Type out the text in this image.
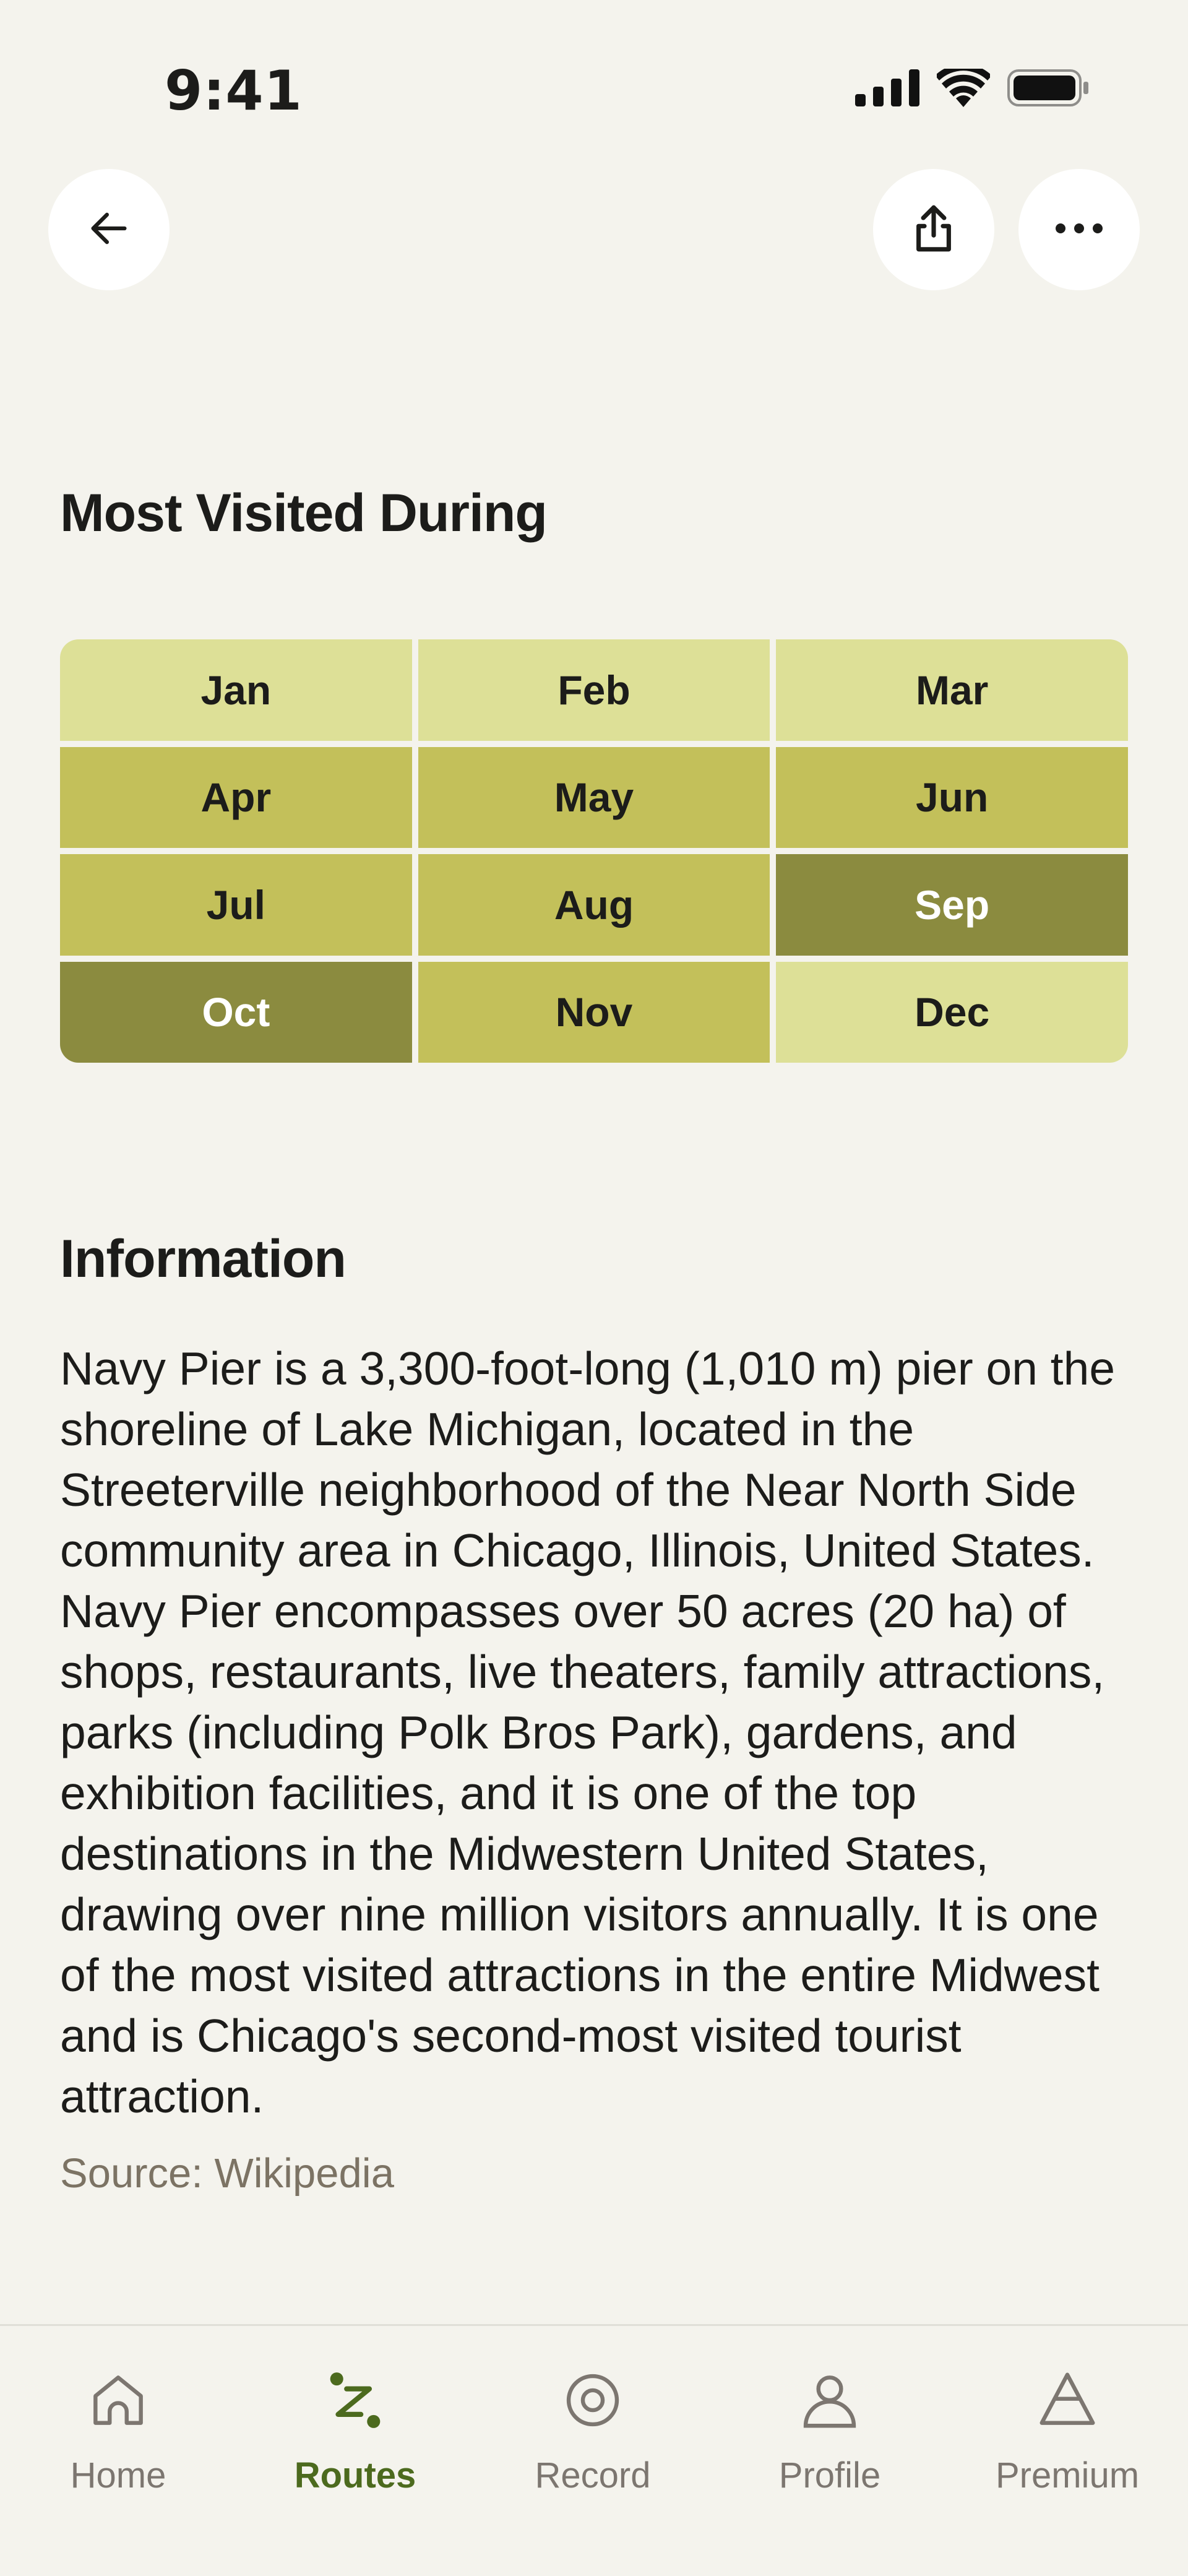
9:41
Most Visited During
Jan	Feb	Mar
Apr	May	Jun
Jul	Aug	Sep
Oct	Nov	Dec
Information

Navy Pier is a 3,300-foot-long (1,010 m) pier on the shoreline of Lake Michigan, located in the Streeterville neighborhood of the Near North Side community area in Chicago, Illinois, United States. Navy Pier encompasses over 50 acres (20 ha) of shops, restaurants, live theaters, family attractions, parks (including Polk Bros Park), gardens, and exhibition facilities, and it is one of the top destinations in the Midwestern United States, drawing over nine million visitors annually. It is one of the most visited attractions in the entire Midwest and is Chicago's second-most visited tourist attraction.

Source: Wikipedia

Home	Routes	Record	Profile	Premium
